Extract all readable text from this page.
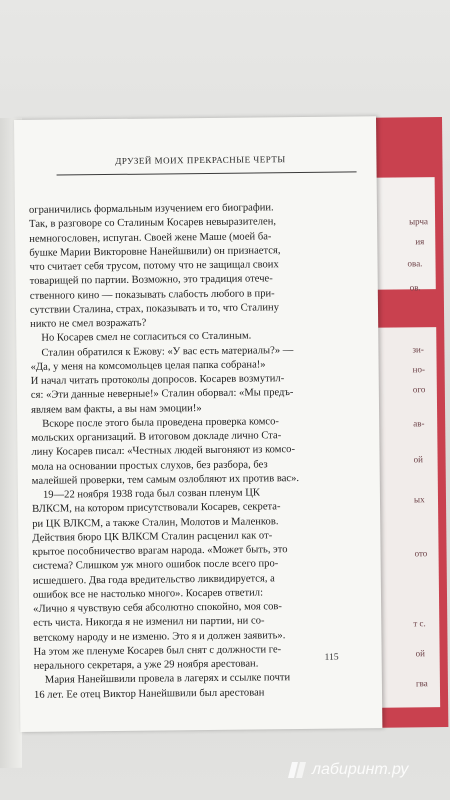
ырча
ия
ова.
ов.
зи-
но-
ого
ав-
ой
ых
ото
т с.
ой
гва
ДРУЗЕЙ МОИХ ПРЕКРАСНЫЕ ЧЕРТЫ
ограничились формальным изучением его биографии.
Так, в разговоре со Сталиным Косарев невыразителен,
немногословен, испуган. Своей жене Маше (моей ба-
бушке Марии Викторовне Нанейшвили) он признается,
что считает себя трусом, потому что не защищал своих
товарищей по партии. Возможно, это традиция отече-
ственного кино — показывать слабость любого в при-
сутствии Сталина, страх, показывать и то, что Сталину
никто не смел возражать?
Но Косарев смел не согласиться со Сталиным.
Сталин обратился к Ежову: «У вас есть материалы?» —
«Да, у меня на комсомольцев целая папка собрана!»
И начал читать протоколы допросов. Косарев возмутил-
ся: «Эти данные неверные!» Сталин оборвал: «Мы предъ-
являем вам факты, а вы нам эмоции!»
Вскоре после этого была проведена проверка комсо-
мольских организаций. В итоговом докладе лично Ста-
лину Косарев писал: «Честных людей выгоняют из комсо-
мола на основании простых слухов, без разбора, без
малейшей проверки, тем самым озлобляют их против вас».
19—22 ноября 1938 года был созван пленум ЦК
ВЛКСМ, на котором присутствовали Косарев, секрета-
ри ЦК ВЛКСМ, а также Сталин, Молотов и Маленков.
Действия бюро ЦК ВЛКСМ Сталин расценил как от-
крытое пособничество врагам народа. «Может быть, это
система? Слишком уж много ошибок после всего про-
исшедшего. Два года вредительство ликвидируется, а
ошибок все не настолько много». Косарев ответил:
«Лично я чувствую себя абсолютно спокойно, моя сов-
есть чиста. Никогда я не изменил ни партии, ни со-
ветскому народу и не изменю. Это я и должен заявить».
На этом же пленуме Косарев был снят с должности ге-
нерального секретаря, а уже 29 ноября арестован.
Мария Нанейшвили провела в лагерях и ссылке почти
16 лет. Ее отец Виктор Нанейшвили был арестован
115
лабиринт.ру
